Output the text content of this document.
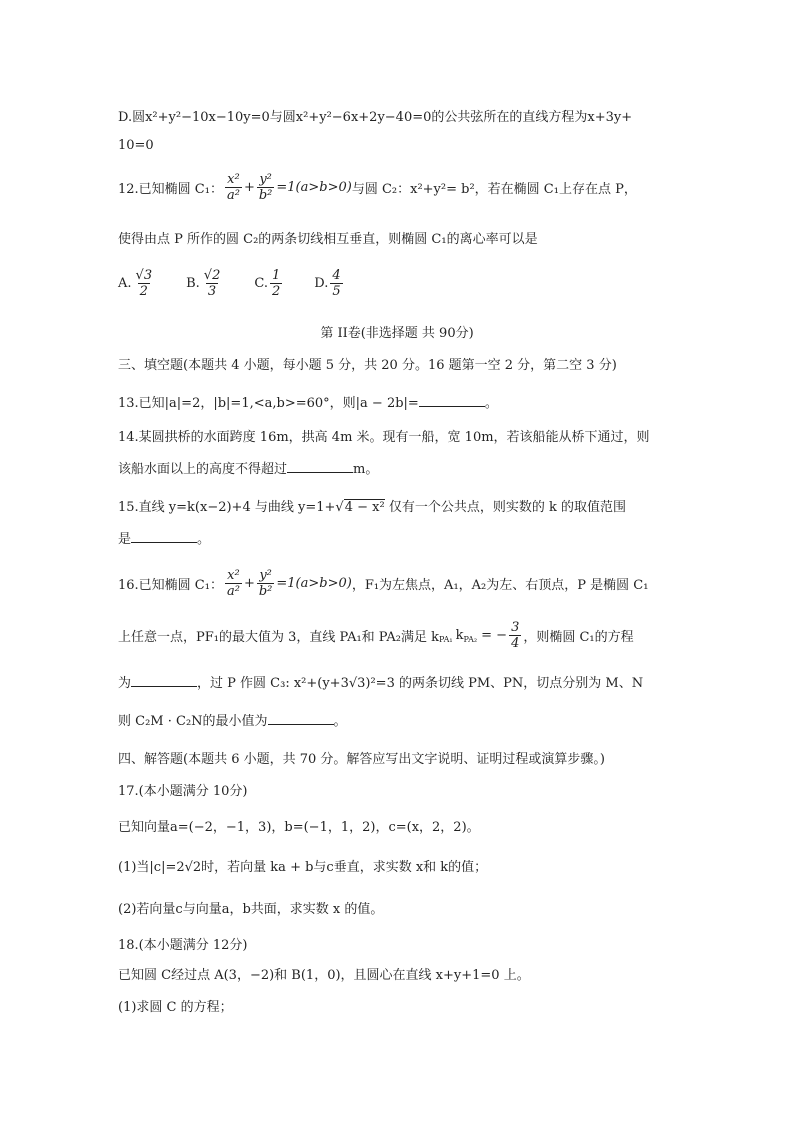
D.圆x²+y²−10x−10y=0与圆x²+y²−6x+2y−40=0的公共弦所在的直线方程为x+3y+
10=0
12.已知椭圆 C₁： $\frac{\text{x²}}{\text{a²}} + \frac{\text{y²}}{\text{b²}} =1(a>b>0)$ 与圆 C₂：x²+y²= b²，若在椭圆 C₁上存在点 P，
使得由点 P 所作的圆 C₂的两条切线相互垂直，则椭圆 C₁的离心率可以是
A. $\frac{√3}{2} B$. $\frac{√2}{3} C$. $\frac{1}{2} D$. $\frac{4}{5}$
第 II卷(非选择题 共 90分)
三、填空题(本题共 4 小题，每小题 5 分，共 20 分。16 题第一空 2 分，第二空 3 分)
13.已知|a|=2，|b|=1,<a,b>=60°，则|a − 2b|=	。
14.某圆拱桥的水面跨度 16m，拱高 4m 米。现有一船，宽 10m，若该船能从桥下通过，则
该船水面以上的高度不得超过	m。
15.直线 y=k(x−2)+4 与曲线 y=1+√4 − x² 仅有一个公共点，则实数的 k 的取值范围
是	。
16.已知椭圆 C₁： $\frac{\text{x²}}{\text{a²}} + \frac{\text{y²}}{\text{b²}} =1(a>b>0)$ ，F₁为左焦点，A₁，A₂为左、右顶点，P 是椭圆 C₁
上任意一点，PF₁的最大值为 3，直线 PA₁和 PA₂满足 $k_{PA_1}$ $k_{PA_2}$ = − $\frac{3}{4}$ ，则椭圆 C₁的方程
为	，过 P 作圆 C₃: x²+(y+3√3)²=3 的两条切线 PM、PN，切点分别为 M、N
则 C₂M · C₂N的最小值为	。
四、解答题(本题共 6 小题，共 70 分。解答应写出文字说明、证明过程或演算步骤。)
17.(本小题满分 10分)
已知向量a=(−2，−1，3)，b=(−1，1，2)，c=(x，2，2)。
(1)当|c|=2√2时，若向量 ka + b与c垂直，求实数 x和 k的值；
(2)若向量c与向量a，b共面，求实数 x 的值。
18.(本小题满分 12分)
已知圆 C经过点 A(3，−2)和 B(1，0)，且圆心在直线 x+y+1=0 上。
(1)求圆 C 的方程；
